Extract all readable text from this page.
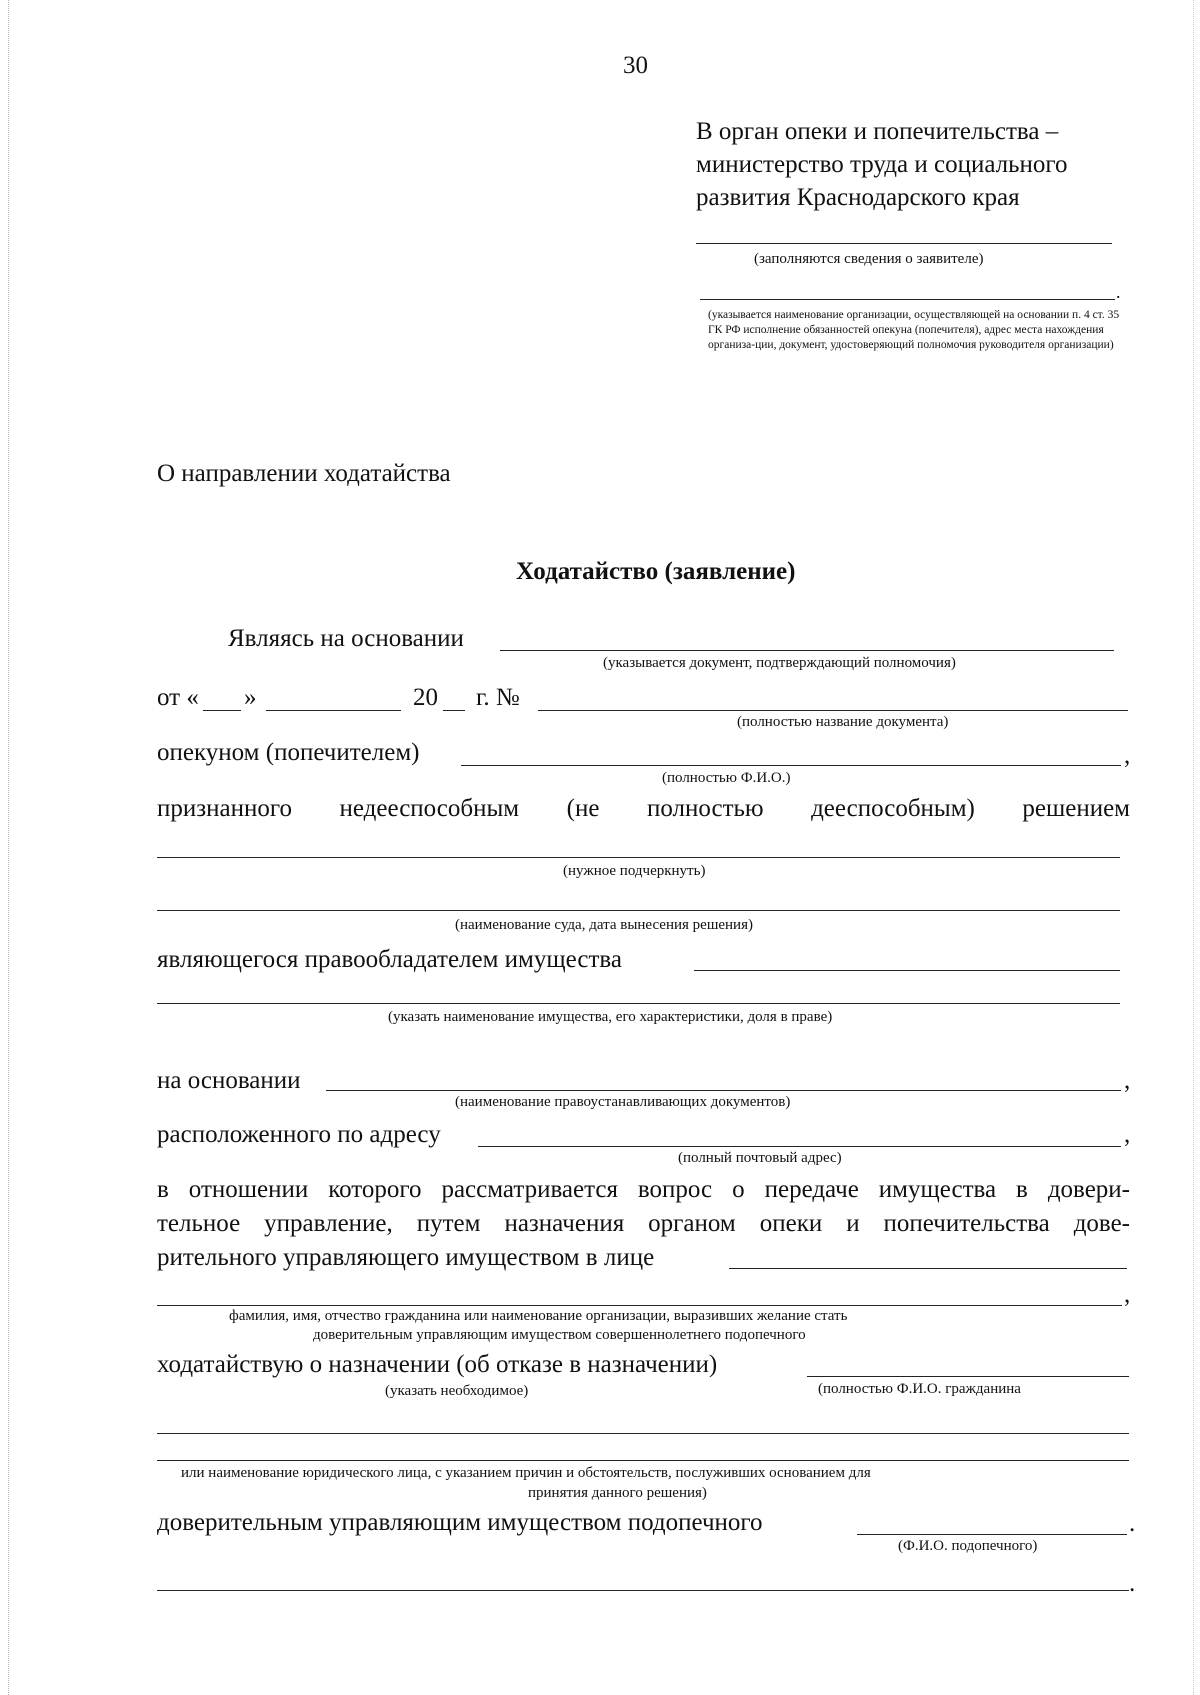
30
В орган опеки и попечительства –
министерство труда и социального
развития Краснодарского края
(заполняются сведения о заявителе)
.
(указывается наименование организации, осуществляющей на основании п. 4 ст. 35 ГК РФ исполнение обязанностей опекуна (попечителя), адрес места нахождения организа-ции, документ, удостоверяющий полномочия руководителя организации)
О направлении ходатайства
Ходатайство (заявление)
Являясь на основании
(указывается документ, подтверждающий полномочия)
от « »	20 г. №
(полностью название документа)
опекуном (попечителем)	,
(полностью Ф.И.О.)
признанного недееспособным (не полностью дееспособным) решением
(нужное подчеркнуть)
(наименование суда, дата вынесения решения)
являющегося правообладателем имущества
(указать наименование имущества, его характеристики, доля в праве)
на основании	,
(наименование правоустанавливающих документов)
расположенного по адресу	,
(полный почтовый адрес)
в отношении которого рассматривается вопрос о передаче имущества в довери-
тельное управление, путем назначения органом опеки и попечительства дове-
рительного управляющего имуществом в лице
,
фамилия, имя, отчество гражданина или наименование организации, выразивших желание стать
доверительным управляющим имуществом совершеннолетнего подопечного
ходатайствую о назначении (об отказе в назначении)
(указать необходимое)	(полностью Ф.И.О. гражданина
или наименование юридического лица, с указанием причин и обстоятельств, послуживших основанием для
принятия данного решения)
доверительным управляющим имуществом подопечного	.
(Ф.И.О. подопечного)
.
